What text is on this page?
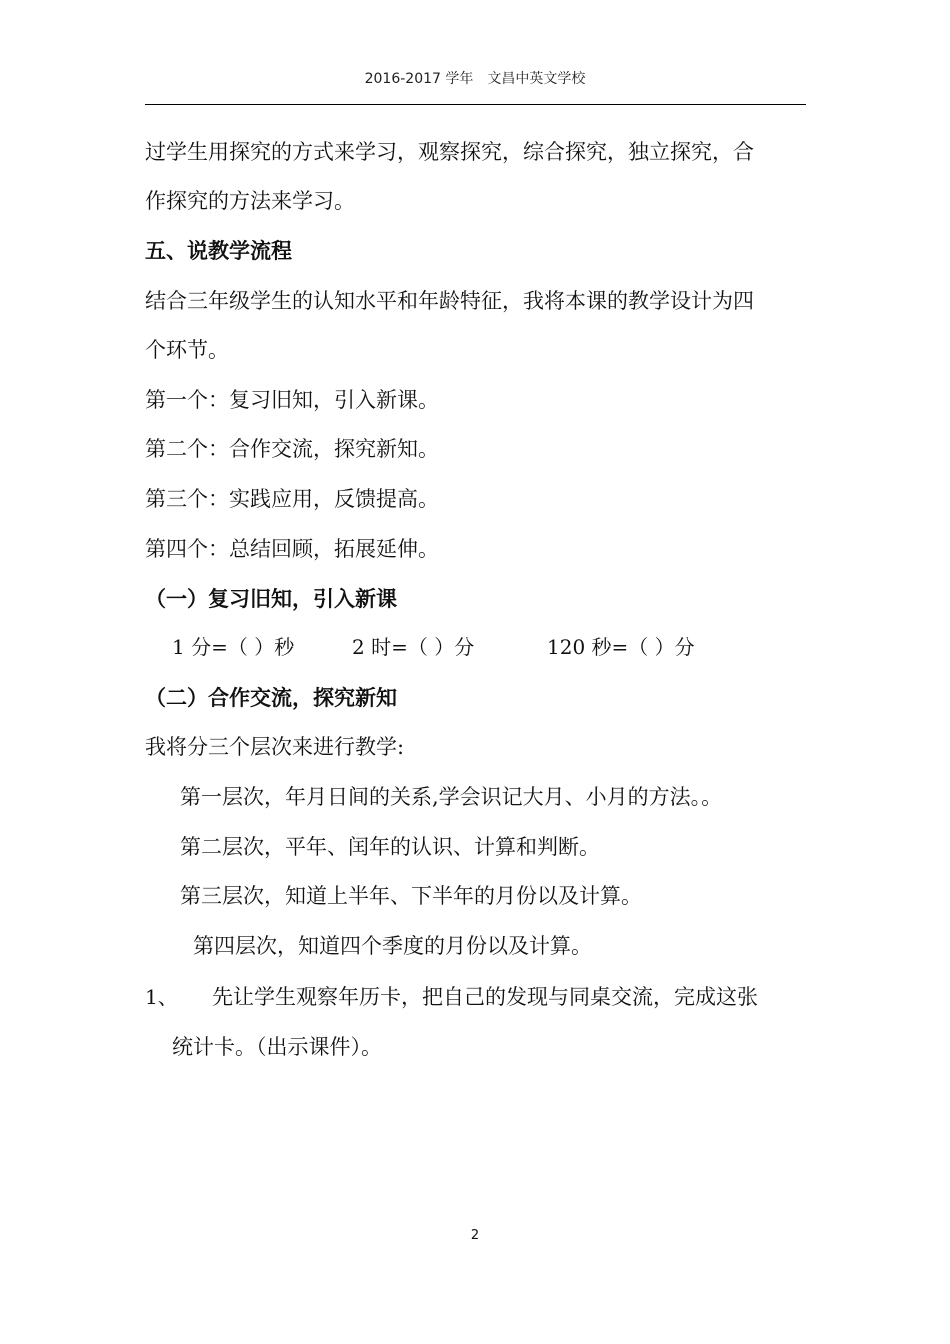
2016-2017 学年 文昌中英文学校
过学生用探究的方式来学习，观察探究，综合探究，独立探究，合
作探究的方法来学习。
五、说教学流程
结合三年级学生的认知水平和年龄特征，我将本课的教学设计为四
个环节。
第一个：复习旧知，引入新课。
第二个：合作交流，探究新知。
第三个：实践应用，反馈提高。
第四个：总结回顾，拓展延伸。
（一）复习旧知，引入新课
1 分=（ ）秒	2 时=（ ）分	120 秒=（ ）分
（二）合作交流，探究新知
我将分三个层次来进行教学:
第一层次，年月日间的关系,学会识记大月、小月的方法。。
第二层次，平年、闰年的认识、计算和判断。
第三层次，知道上半年、下半年的月份以及计算。
第四层次，知道四个季度的月份以及计算。
1、 先让学生观察年历卡，把自己的发现与同桌交流，完成这张
统计卡。（出示课件）。
2
